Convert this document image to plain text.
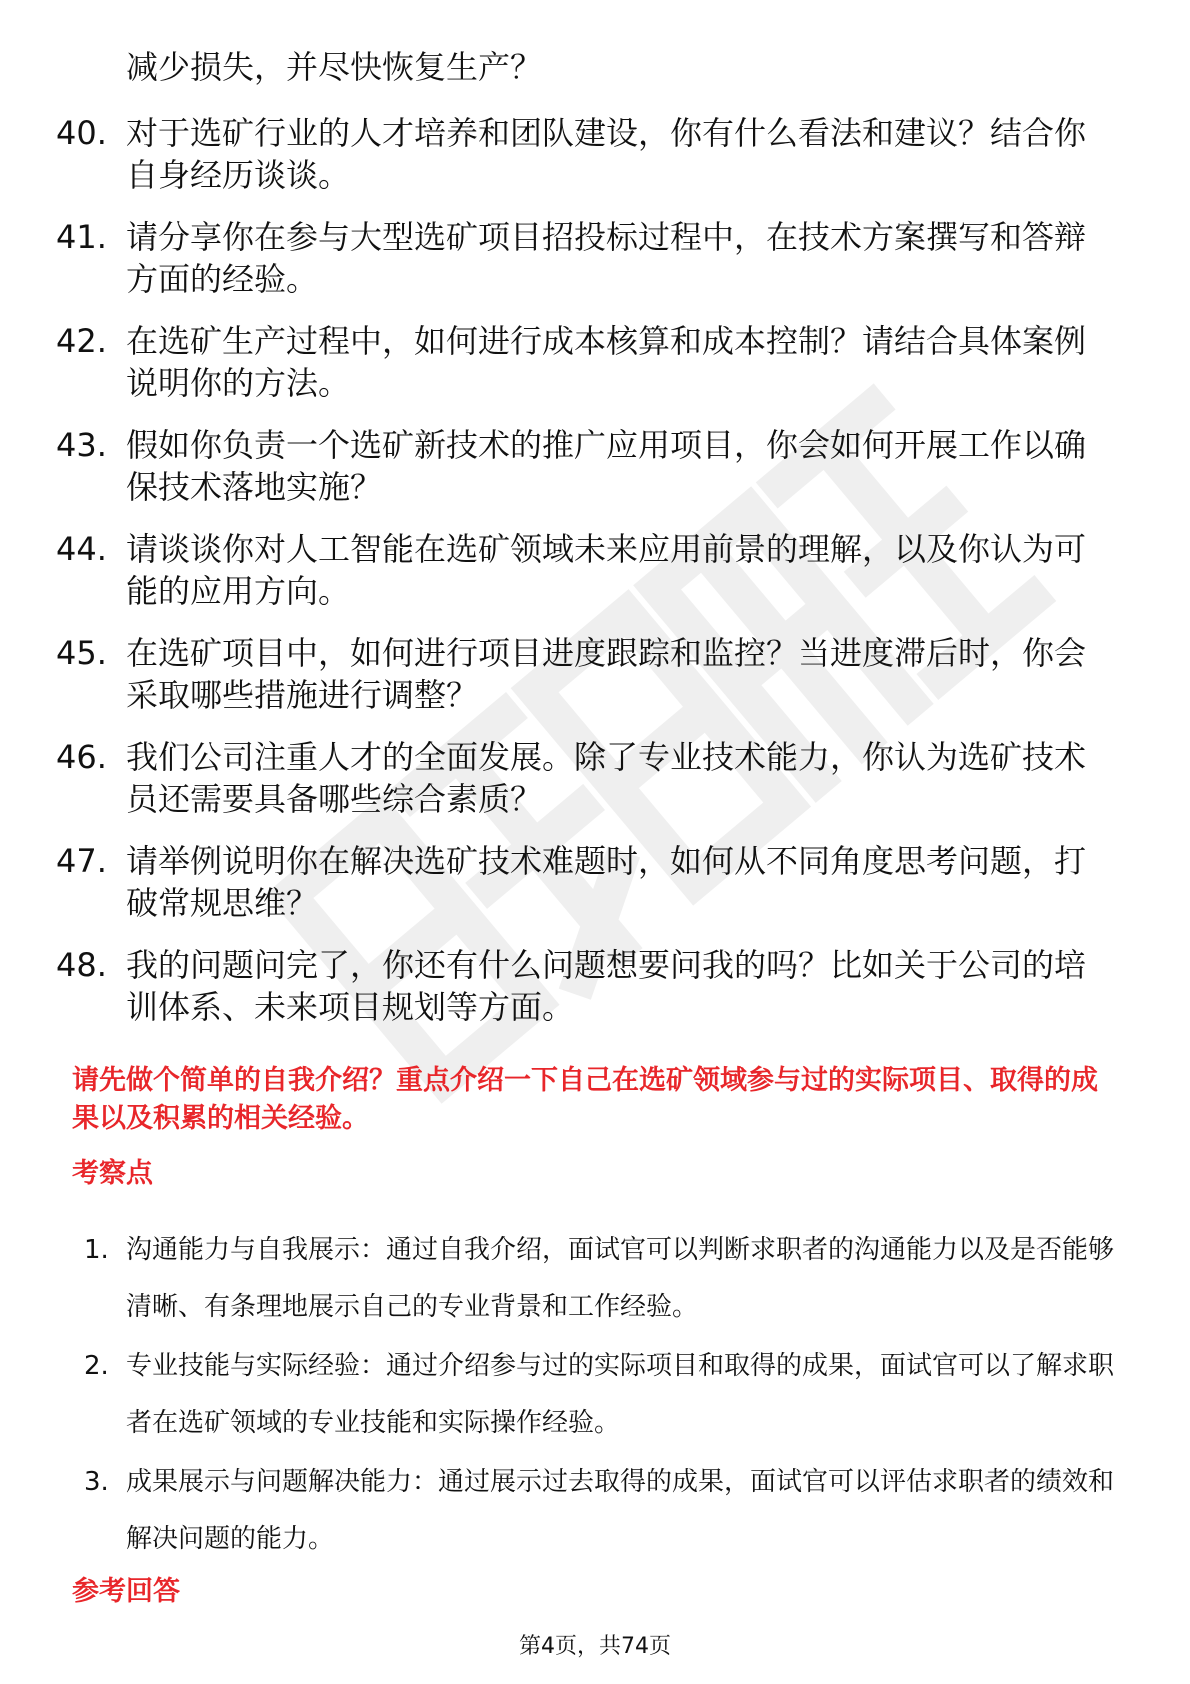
减少损失，并尽快恢复生产？

40. 对于选矿行业的人才培养和团队建设，你有什么看法和建议？结合你自身经历谈谈。
41. 请分享你在参与大型选矿项目招投标过程中，在技术方案撰写和答辩方面的经验。
42. 在选矿生产过程中，如何进行成本核算和成本控制？请结合具体案例说明你的方法。
43. 假如你负责一个选矿新技术的推广应用项目，你会如何开展工作以确保技术落地实施？
44. 请谈谈你对人工智能在选矿领域未来应用前景的理解，以及你认为可能的应用方向。
45. 在选矿项目中，如何进行项目进度跟踪和监控？当进度滞后时，你会采取哪些措施进行调整？
46. 我们公司注重人才的全面发展。除了专业技术能力，你认为选矿技术员还需要具备哪些综合素质？
47. 请举例说明你在解决选矿技术难题时，如何从不同角度思考问题，打破常规思维？
48. 我的问题问完了，你还有什么问题想要问我的吗？比如关于公司的培训体系、未来项目规划等方面。

请先做个简单的自我介绍？重点介绍一下自己在选矿领域参与过的实际项目、取得的成果以及积累的相关经验。

考察点

1. 沟通能力与自我展示：通过自我介绍，面试官可以判断求职者的沟通能力以及是否能够清晰、有条理地展示自己的专业背景和工作经验。
2. 专业技能与实际经验：通过介绍参与过的实际项目和取得的成果，面试官可以了解求职者在选矿领域的专业技能和实际操作经验。
3. 成果展示与问题解决能力：通过展示过去取得的成果，面试官可以评估求职者的绩效和解决问题的能力。

参考回答

第4页，共74页
